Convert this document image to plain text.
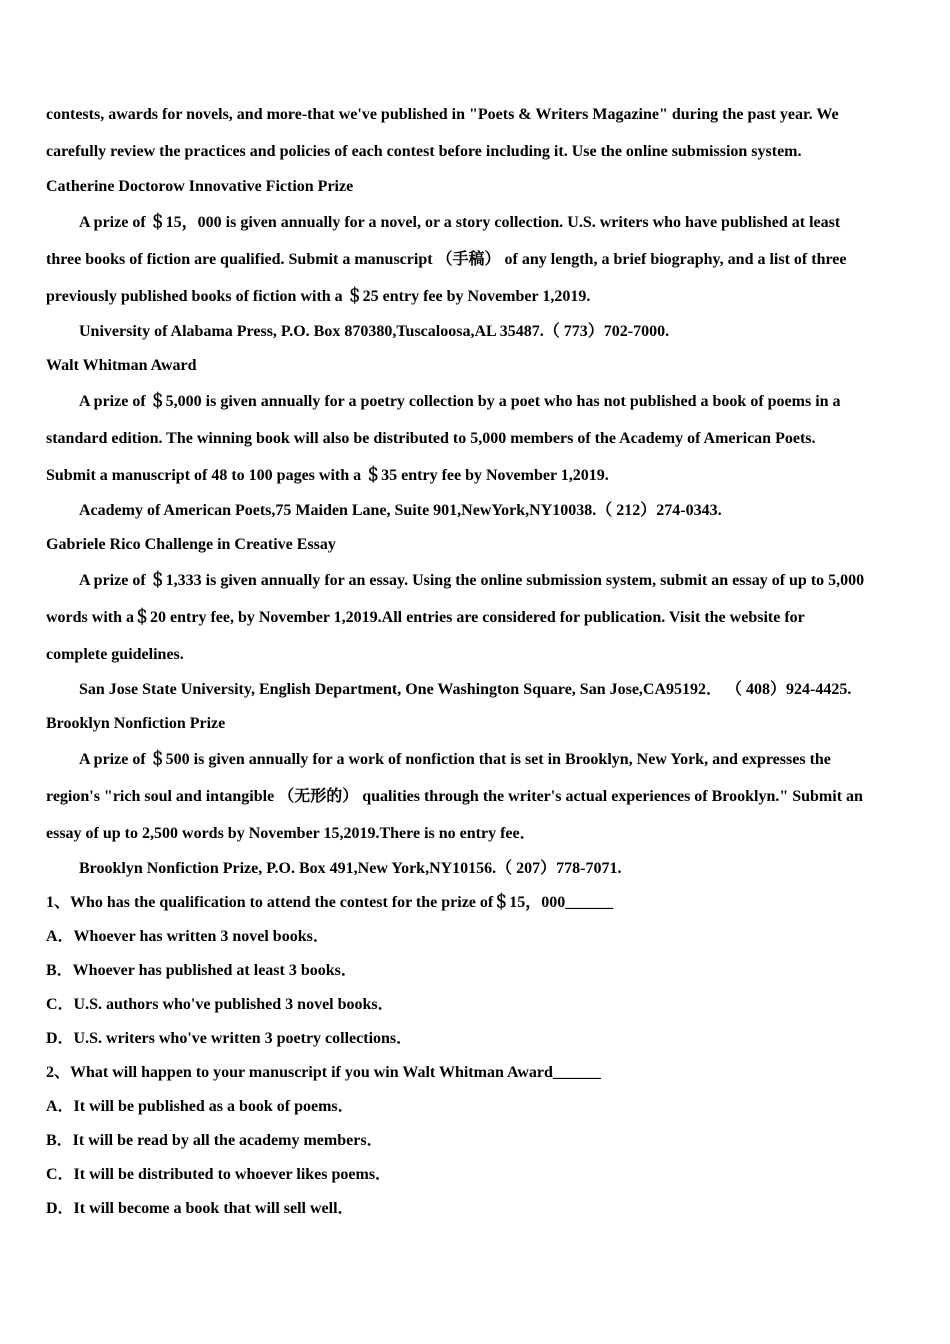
contests, awards for novels, and more-that we've published in "Poets & Writers Magazine" during the past year. We
carefully review the practices and policies of each contest before including it. Use the online submission system.
Catherine Doctorow Innovative Fiction Prize
A prize of ＄15，000 is given annually for a novel, or a story collection. U.S. writers who have published at least
three books of fiction are qualified. Submit a manuscript （手稿） of any length, a brief biography, and a list of three
previously published books of fiction with a ＄25 entry fee by November 1,2019.
University of Alabama Press, P.O. Box 870380,Tuscaloosa,AL 35487.（ 773）702-7000.
Walt Whitman Award
A prize of ＄5,000 is given annually for a poetry collection by a poet who has not published a book of poems in a
standard edition. The winning book will also be distributed to 5,000 members of the Academy of American Poets.
Submit a manuscript of 48 to 100 pages with a ＄35 entry fee by November 1,2019.
Academy of American Poets,75 Maiden Lane, Suite 901,NewYork,NY10038.（ 212）274-0343.
Gabriele Rico Challenge in Creative Essay
A prize of ＄1,333 is given annually for an essay. Using the online submission system, submit an essay of up to 5,000
words with a＄20 entry fee, by November 1,2019.All entries are considered for publication. Visit the website for
complete guidelines.
San Jose State University, English Department, One Washington Square, San Jose,CA95192． （ 408）924-4425.
Brooklyn Nonfiction Prize
A prize of ＄500 is given annually for a work of nonfiction that is set in Brooklyn, New York, and expresses the
region's "rich soul and intangible （无形的） qualities through the writer's actual experiences of Brooklyn." Submit an
essay of up to 2,500 words by November 15,2019.There is no entry fee．
Brooklyn Nonfiction Prize, P.O. Box 491,New York,NY10156.（ 207）778-7071.
1、Who has the qualification to attend the contest for the prize of＄15，000______
A．Whoever has written 3 novel books．
B．Whoever has published at least 3 books．
C．U.S. authors who've published 3 novel books．
D．U.S. writers who've written 3 poetry collections．
2、What will happen to your manuscript if you win Walt Whitman Award______
A．It will be published as a book of poems．
B．It will be read by all the academy members．
C．It will be distributed to whoever likes poems．
D．It will become a book that will sell well．
